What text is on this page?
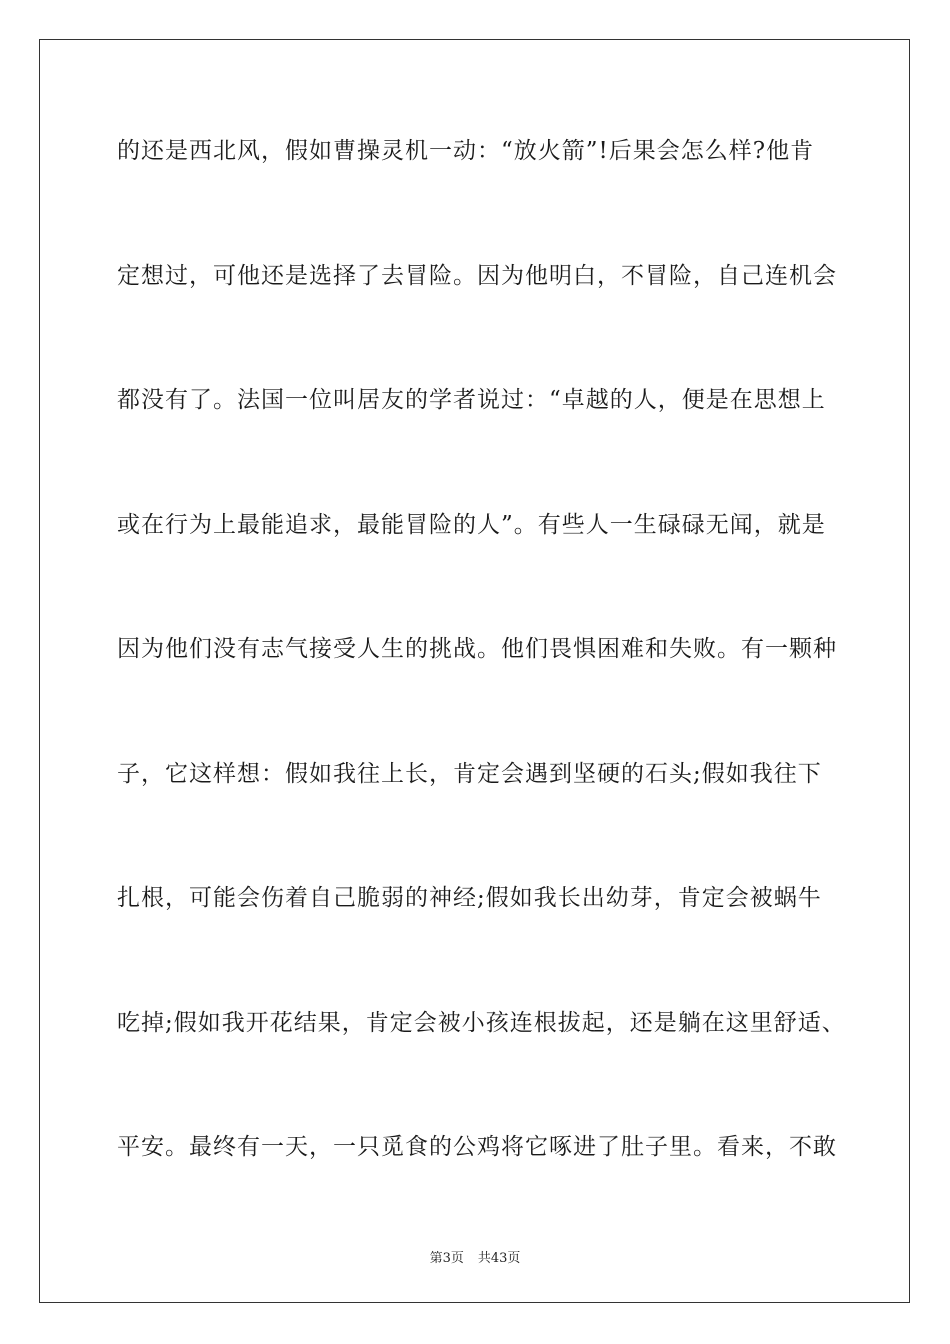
的还是西北风，假如曹操灵机一动：“放火箭”!后果会怎么样?他肯
定想过，可他还是选择了去冒险。因为他明白，不冒险，自己连机会
都没有了。法国一位叫居友的学者说过：“卓越的人，便是在思想上
或在行为上最能追求，最能冒险的人”。有些人一生碌碌无闻，就是
因为他们没有志气接受人生的挑战。他们畏惧困难和失败。有一颗种
子，它这样想：假如我往上长，肯定会遇到坚硬的石头;假如我往下
扎根，可能会伤着自己脆弱的神经;假如我长出幼芽，肯定会被蜗牛
吃掉;假如我开花结果，肯定会被小孩连根拔起，还是躺在这里舒适、
平安。最终有一天，一只觅食的公鸡将它啄进了肚子里。看来，不敢
第3页 共43页
